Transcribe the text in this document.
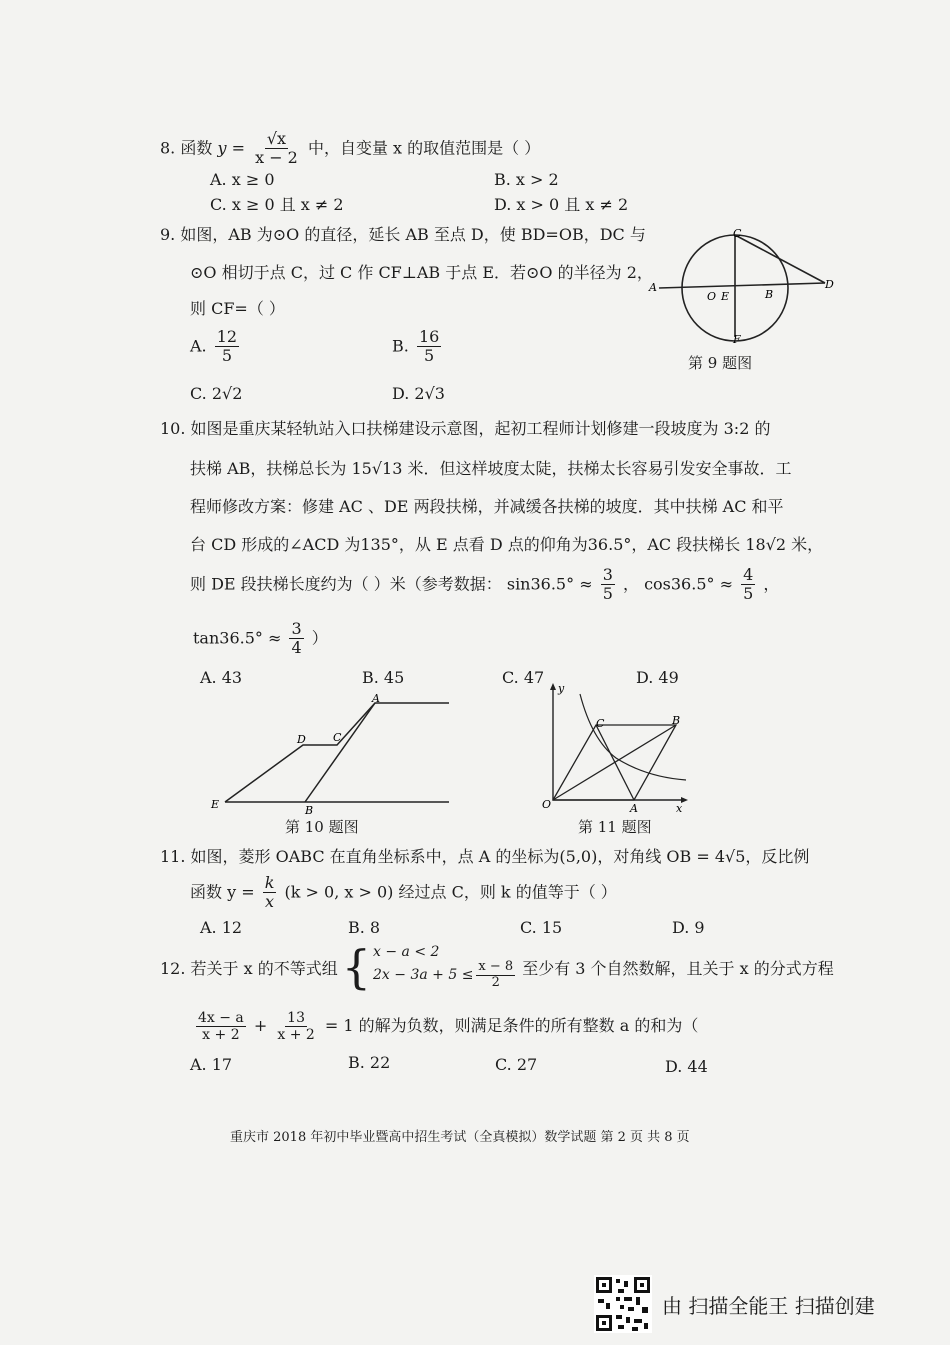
8. 函数 $y = \frac{√x}{x - 2}$ 中，自变量 x 的取值范围是（ ）
A. x ≥ 0	B. x > 2
C. x ≥ 0 且 x ≠ 2	D. x > 0 且 x ≠ 2
9. 如图，AB 为⊙O 的直径，延长 AB 至点 D，使 BD=OB，DC 与
⊙O 相切于点 C，过 C 作 CF⊥AB 于点 E．若⊙O 的半径为 2，
则 CF=（ ）
A. $\frac{12}{5}$	B. $\frac{16}{5}$
C. 2√2	D. 2√3
A
O E	B
C
D
F
第 9 题图
10. 如图是重庆某轻轨站入口扶梯建设示意图，起初工程师计划修建一段坡度为 3:2 的
扶梯 AB，扶梯总长为 15√13 米．但这样坡度太陡，扶梯太长容易引发安全事故．工
程师修改方案：修建 AC 、DE 两段扶梯，并减缓各扶梯的坡度．其中扶梯 AC 和平
台 CD 形成的∠ACD 为135°，从 E 点看 D 点的仰角为36.5°，AC 段扶梯长 18√2 米，
则 DE 段扶梯长度约为（ ）米（参考数据： $\sin 36.5^\circ \approx \frac{3}{5}$ ， $\cos 36.5^\circ \approx \frac{4}{5}$ ，
$\tan 36.5^\circ \approx \frac{3}{4}$ ）
A. 43	B. 45	C. 47	D. 49
A
B
C
D
E
第 10 题图
y
x
O	A
B
C
第 11 题图
11. 如图，菱形 OABC 在直角坐标系中，点 A 的坐标为(5,0)，对角线 OB = 4√5，反比例
函数 $y = \frac{k}{x} (k > 0$, x > 0) 经过点 C，则 k 的值等于（ ）
A. 12	B. 8	C. 15	D. 9
12. 若关于 x 的不等式组 { x − a < 2
$2x - 3a + 5 \le \frac{x - 8}{2}$ 至少有 3 个自然数解，且关于 x 的分式方程
$\frac{4x - a}{x + 2} + \frac{13}{x + 2} = 1$ 的解为负数，则满足条件的所有整数 a 的和为（
A. 17	B. 22	C. 27	D. 44
重庆市 2018 年初中毕业暨高中招生考试（全真模拟）数学试题 第 2 页 共 8 页
由 扫描全能王 扫描创建
